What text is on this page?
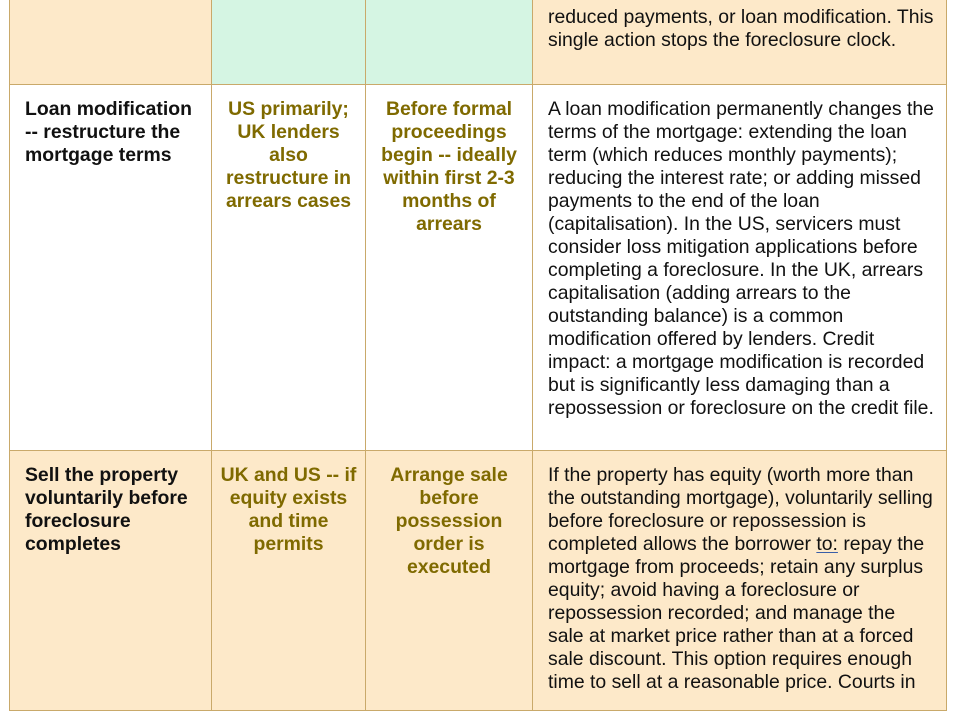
			reduced payments, or loan modification. This single action stops the foreclosure clock.
Loan modification -- restructure the mortgage terms	US primarily; UK lenders also restructure in arrears cases	Before formal proceedings begin -- ideally within first 2-3 months of arrears	A loan modification permanently changes the terms of the mortgage: extending the loan term (which reduces monthly payments); reducing the interest rate; or adding missed payments to the end of the loan (capitalisation). In the US, servicers must consider loss mitigation applications before completing a foreclosure. In the UK, arrears capitalisation (adding arrears to the outstanding balance) is a common modification offered by lenders. Credit impact: a mortgage modification is recorded but is significantly less damaging than a repossession or foreclosure on the credit file.
Sell the property voluntarily before foreclosure completes	UK and US -- if equity exists and time permits	Arrange sale before possession order is executed	If the property has equity (worth more than the outstanding mortgage), voluntarily selling before foreclosure or repossession is completed allows the borrower to: repay the mortgage from proceeds; retain any surplus equity; avoid having a foreclosure or repossession recorded; and manage the sale at market price rather than at a forced sale discount. This option requires enough time to sell at a reasonable price. Courts in
